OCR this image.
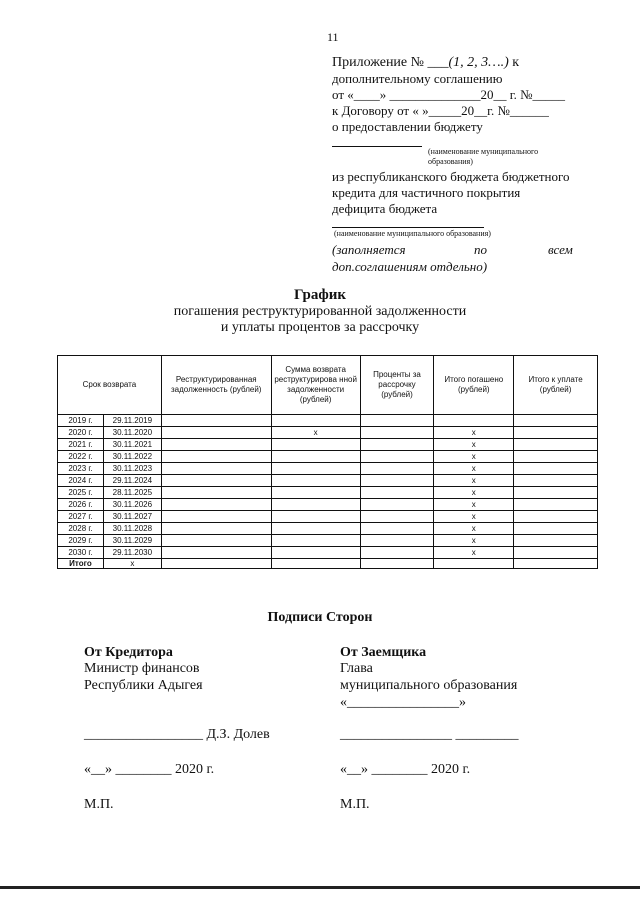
11
Приложение № ___(1, 2, 3….) к
дополнительному соглашению
от «____» ______________20__ г. №_____
к Договору от « »_____20__г. №______
о предоставлении бюджету
(наименование муниципального
образования)
из республиканского бюджета бюджетного
кредита для частичного покрытия
дефицита бюджета
(наименование муниципального образования)
(заполняется	по	всем
доп.соглашениям отдельно)
График
погашения реструктурированной задолженности
и уплаты процентов за рассрочку
Срок возврата		Реструктурированная задолженность (рублей)	Сумма возврата реструктурирова нной задолженности (рублей)	Проценты за рассрочку (рублей)	Итого погашено (рублей)	Итого к уплате (рублей)
2019 г.	29.11.2019					
2020 г.	30.11.2020		x		x	
2021 г.	30.11.2021				x	
2022 г.	30.11.2022				x	
2023 г.	30.11.2023				x	
2024 г.	29.11.2024				x	
2025 г.	28.11.2025				x	
2026 г.	30.11.2026				x	
2027 г.	30.11.2027				x	
2028 г.	30.11.2028				x	
2029 г.	30.11.2029				x	
2030 г.	29.11.2030				x	
Итого	x					
Подписи Сторон
От Кредитора
Министр финансов
Республики Адыгея
_________________ Д.З. Долев
«__» ________ 2020 г.
М.П.
От Заемщика
Глава
муниципального образования
«________________»
________________ _________
«__» ________ 2020 г.
М.П.
